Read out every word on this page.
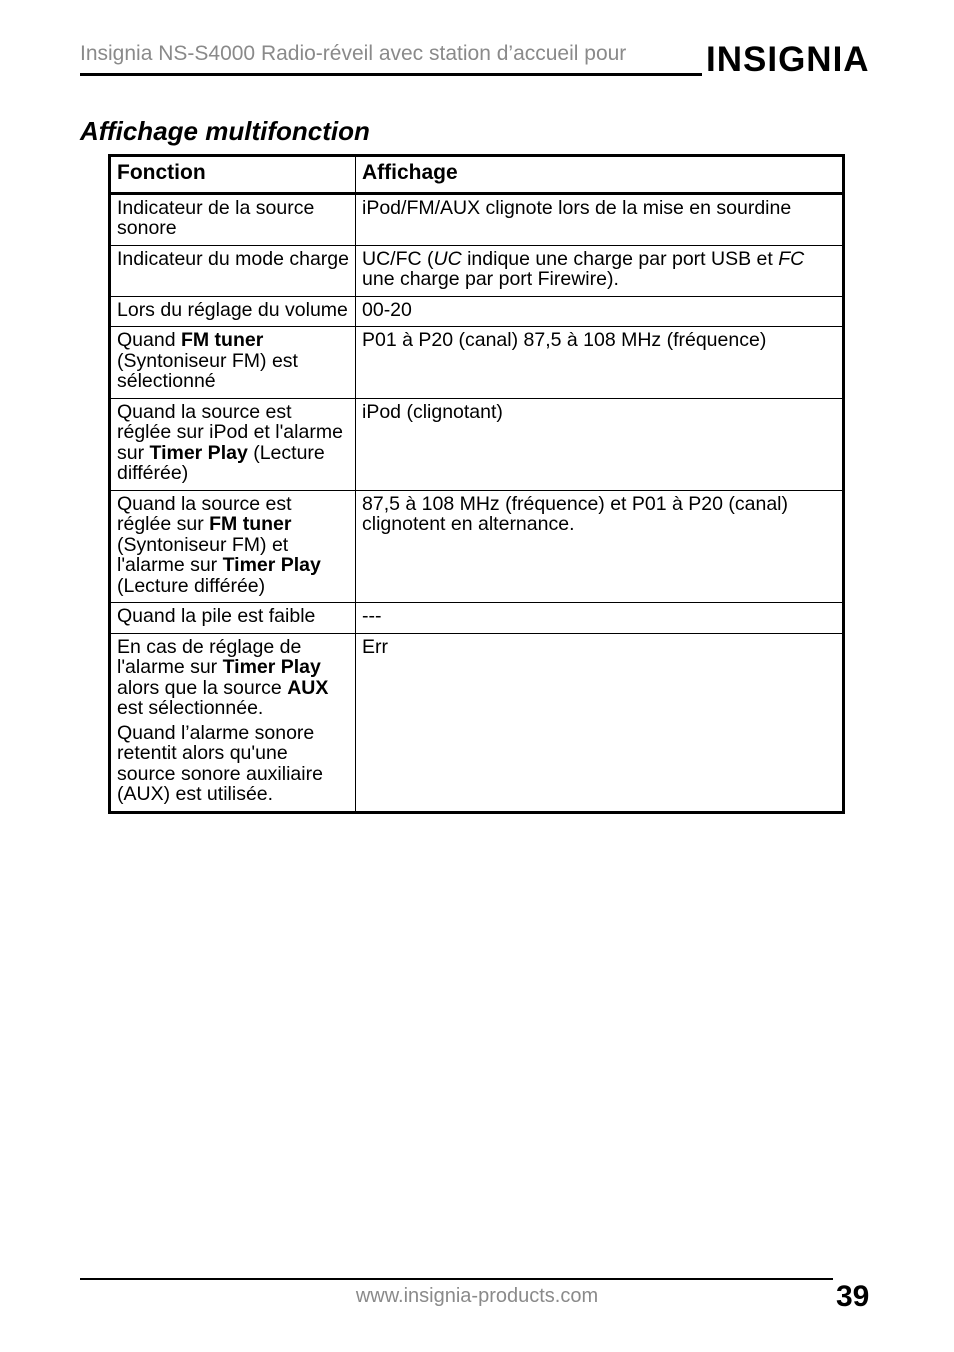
Insignia NS-S4000 Radio-réveil avec station d’accueil pour INSIGNIA
Affichage multifonction
Fonction	Affichage

Indicateur de la source sonore	iPod/FM/AUX clignote lors de la mise en sourdine

Indicateur du mode charge	UC/FC (UC indique une charge par port USB et FC une charge par port Firewire).

Lors du réglage du volume	00-20

Quand FM tuner (Syntoniseur FM) est sélectionné	P01 à P20 (canal) 87,5 à 108 MHz (fréquence)

Quand la source est réglée sur iPod et l'alarme sur Timer Play (Lecture différée)	iPod (clignotant)

Quand la source est réglée sur FM tuner (Syntoniseur FM) et l'alarme sur Timer Play (Lecture différée)	87,5 à 108 MHz (fréquence) et P01 à P20 (canal) clignotent en alternance.

Quand la pile est faible	---

En cas de réglage de l'alarme sur Timer Play alors que la source AUX est sélectionnée.
Quand l’alarme sonore retentit alors qu'une source sonore auxiliaire (AUX) est utilisée.	Err
www.insignia-products.com	39
